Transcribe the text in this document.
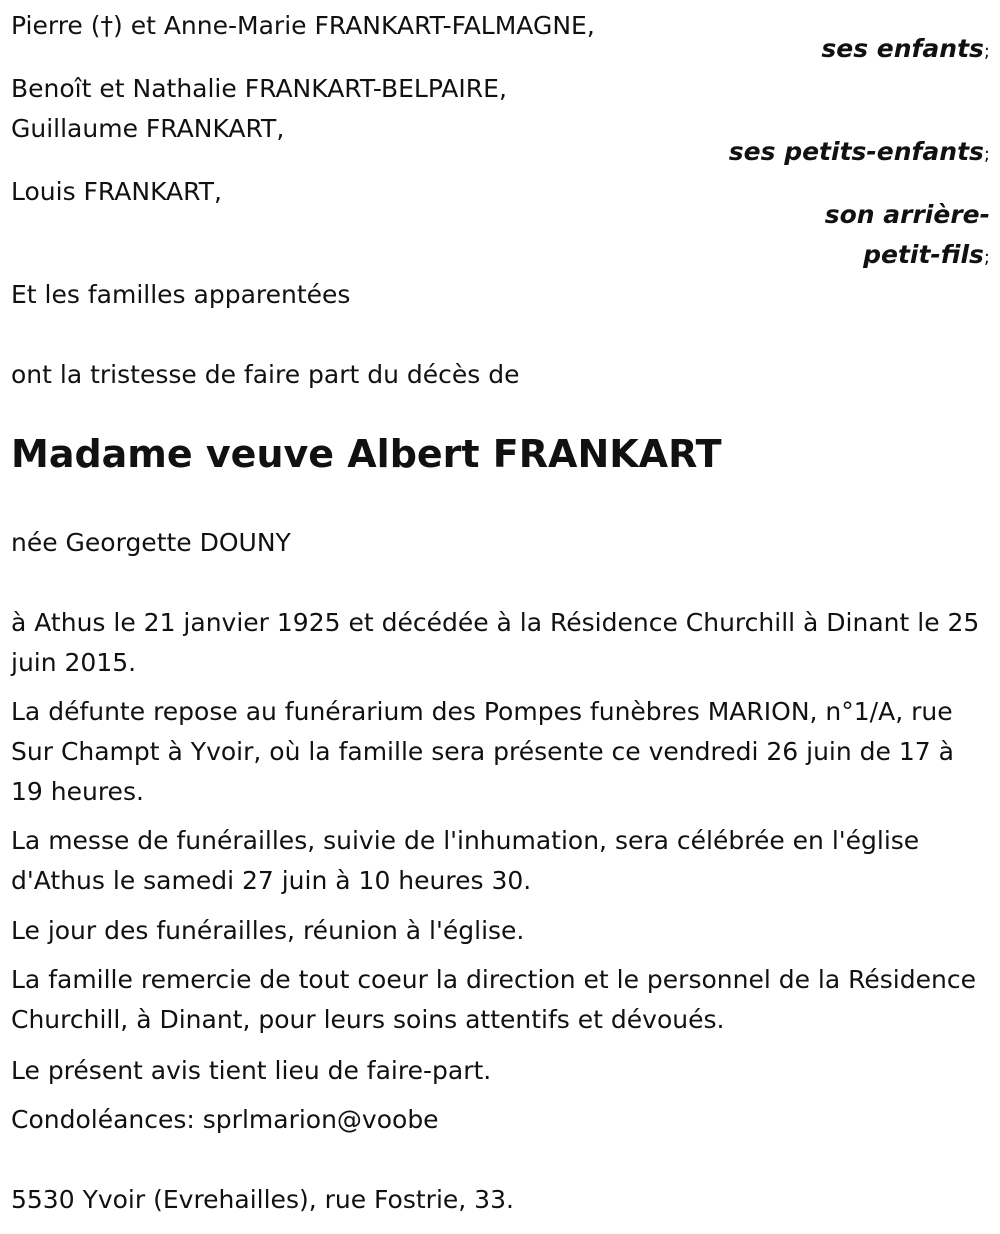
Pierre (†) et Anne-Marie FRANKART-FALMAGNE,
ses enfants;
Benoît et Nathalie FRANKART-BELPAIRE,
Guillaume FRANKART,
ses petits-enfants;
Louis FRANKART,
son arrière-
petit-fils;
Et les familles apparentées
ont la tristesse de faire part du décès de
Madame veuve Albert FRANKART
née Georgette DOUNY
à Athus le 21 janvier 1925 et décédée à la Résidence Churchill à Dinant le 25 juin 2015.
La défunte repose au funérarium des Pompes funèbres MARION, n°1/A, rue Sur Champt à Yvoir, où la famille sera présente ce vendredi 26 juin de 17 à 19 heures.
La messe de funérailles, suivie de l'inhumation, sera célébrée en l'église d'Athus le samedi 27 juin à 10 heures 30.
Le jour des funérailles, réunion à l'église.
La famille remercie de tout coeur la direction et le personnel de la Résidence Churchill, à Dinant, pour leurs soins attentifs et dévoués.
Le présent avis tient lieu de faire-part.
Condoléances: sprlmarion@voobe
5530 Yvoir (Evrehailles), rue Fostrie, 33.
